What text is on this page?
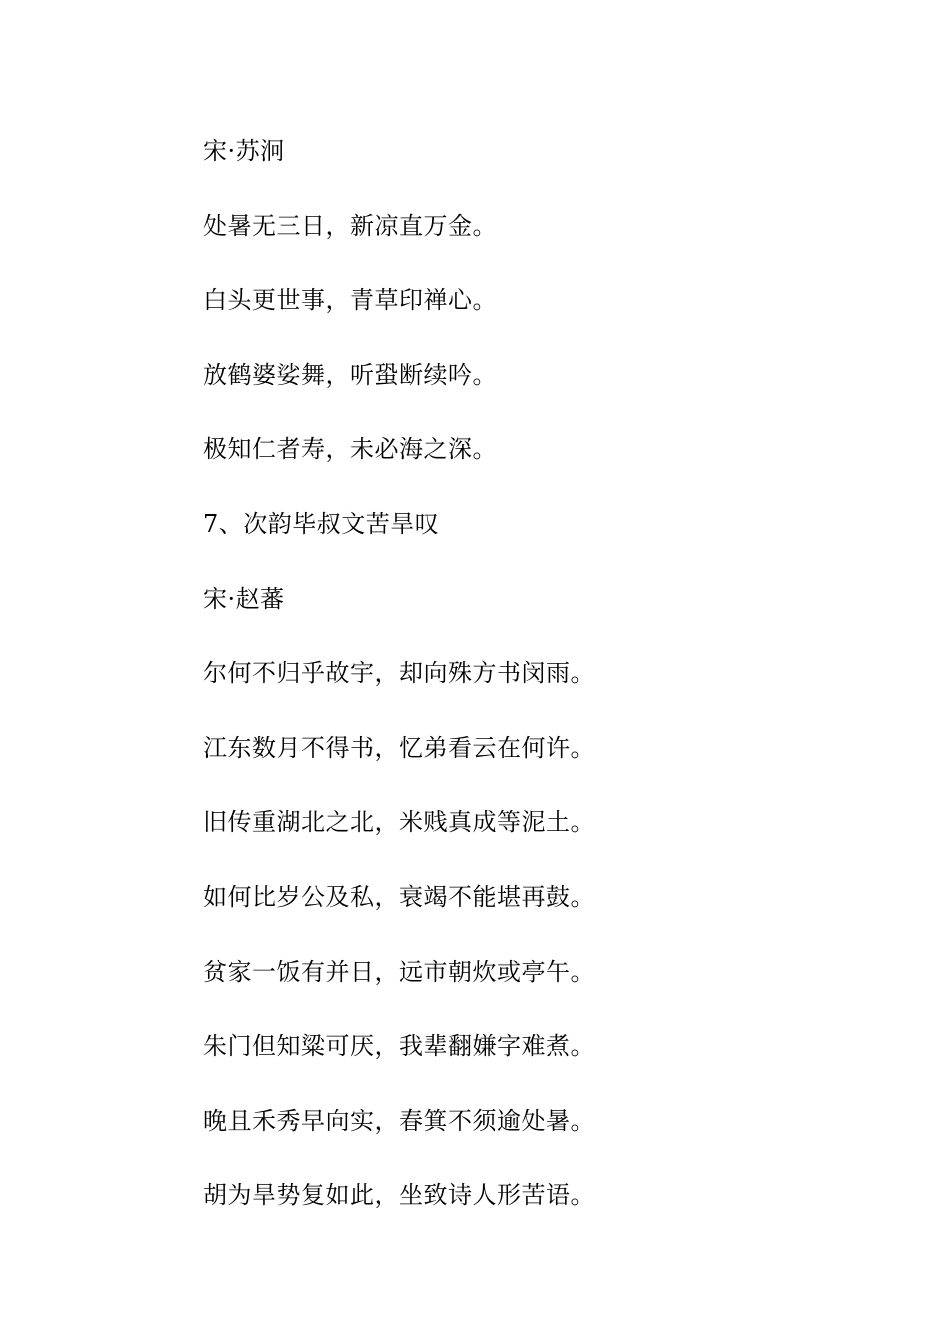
宋·苏泂
处暑无三日，新凉直万金。
白头更世事，青草印禅心。
放鹤婆娑舞，听蛩断续吟。
极知仁者寿，未必海之深。
7、次韵毕叔文苦旱叹
宋·赵蕃
尔何不归乎故宇，却向殊方书闵雨。
江东数月不得书，忆弟看云在何许。
旧传重湖北之北，米贱真成等泥土。
如何比岁公及私，衰竭不能堪再鼓。
贫家一饭有并日，远市朝炊或亭午。
朱门但知粱可厌，我辈翻嫌字难煮。
晚且禾秀早向实，春箕不须逾处暑。
胡为旱势复如此，坐致诗人形苦语。
